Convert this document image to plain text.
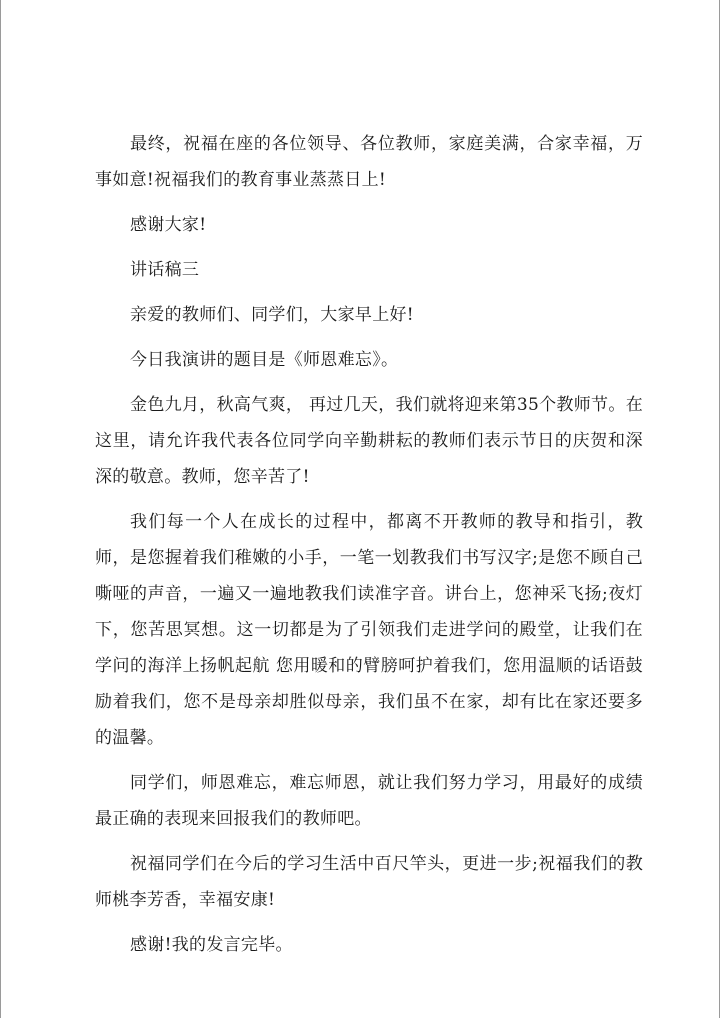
最终，祝福在座的各位领导、各位教师，家庭美满，合家幸福，万事如意!祝福我们的教育事业蒸蒸日上!

感谢大家!

讲话稿三

亲爱的教师们、同学们，大家早上好!

今日我演讲的题目是《师恩难忘》。

金色九月，秋高气爽， 再过几天，我们就将迎来第35个教师节。在这里，请允许我代表各位同学向辛勤耕耘的教师们表示节日的庆贺和深深的敬意。教师，您辛苦了!

我们每一个人在成长的过程中，都离不开教师的教导和指引，教师，是您握着我们稚嫩的小手，一笔一划教我们书写汉字;是您不顾自己嘶哑的声音，一遍又一遍地教我们读准字音。讲台上，您神采飞扬;夜灯下，您苦思冥想。这一切都是为了引领我们走进学问的殿堂，让我们在学问的海洋上扬帆起航 您用暖和的臂膀呵护着我们，您用温顺的话语鼓励着我们，您不是母亲却胜似母亲，我们虽不在家，却有比在家还要多的温馨。

同学们，师恩难忘，难忘师恩，就让我们努力学习，用最好的成绩最正确的表现来回报我们的教师吧。

祝福同学们在今后的学习生活中百尺竿头，更进一步;祝福我们的教师桃李芳香，幸福安康!

感谢!我的发言完毕。
